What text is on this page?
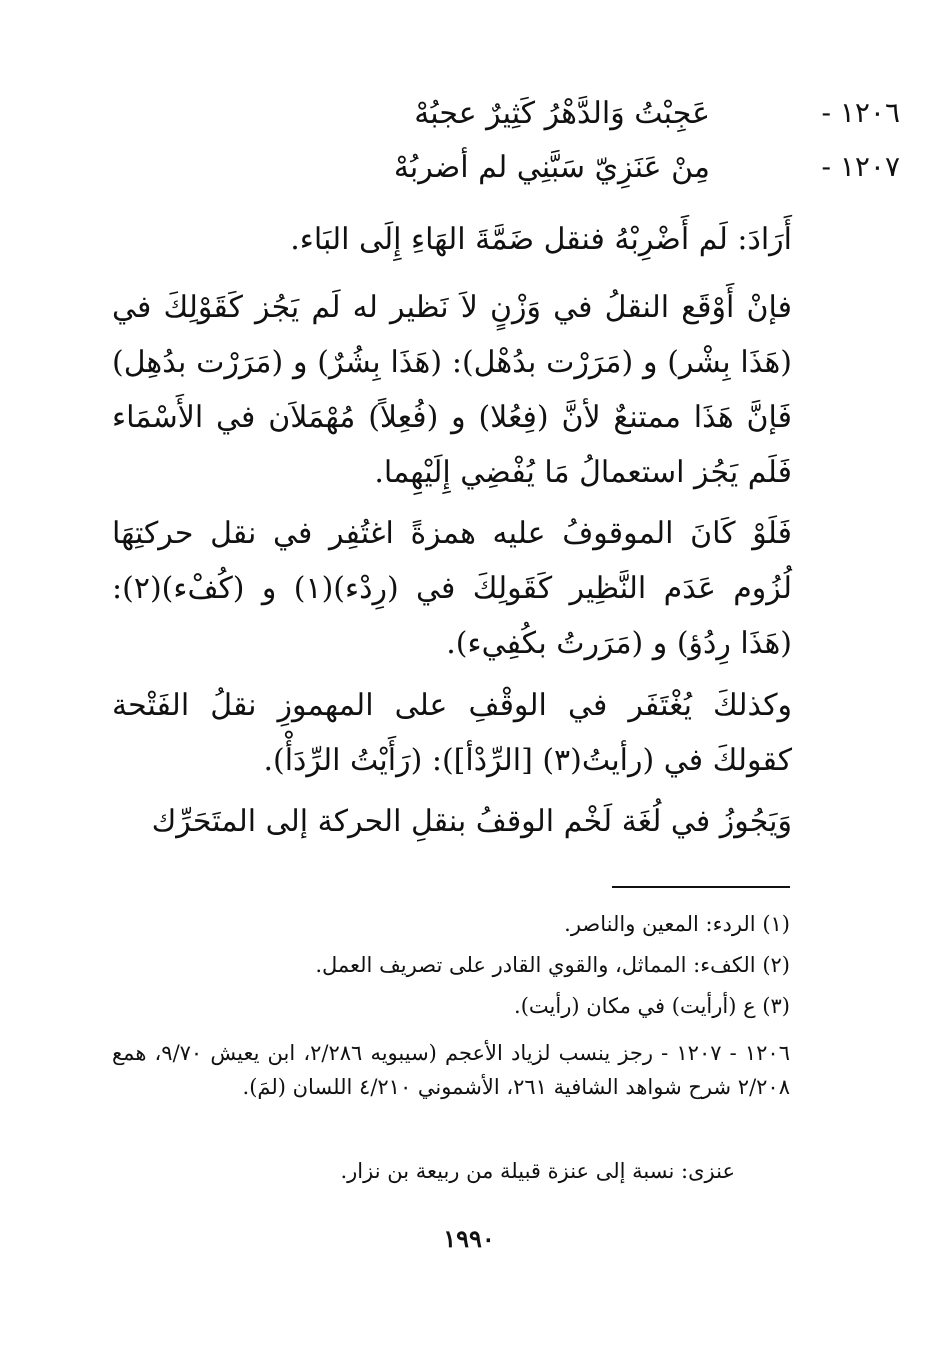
١٢٠٦ -
عَجِبْتُ وَالدَّهْرُ كَثِيرٌ عجبُهْ
١٢٠٧ -
مِنْ عَنَزِيّ سَبَّنِي لم أضربُهْ
أَرَادَ: لَم أَضْرِبْهُ فنقل ضَمَّةَ الهَاءِ إِلَى البَاء.
فإنْ أَوْقَع النقلُ في وَزْنٍ لاَ نَظير له لَم يَجُز كَقَوْلِكَ في (هَذَا بِشْر) و (مَرَرْت بدُهْل): (هَذَا بِشُرٌ) و (مَرَرْت بدُهِل) فَإنَّ هَذَا ممتنعٌ لأنَّ (فِعُلا) و (فُعِلاً) مُهْمَلاَن في الأَسْمَاء فَلَم يَجُز استعمالُ مَا يُفْضِي إِلَيْهِما.
فَلَوْ كَانَ الموقوفُ عليه همزةً اغتُفِر في نقل حركتِهَا لُزُوم عَدَم النَّظِير كَقَولِكَ في (رِدْء)(١) و (كُفْء)(٢): (هَذَا رِدُؤ) و (مَرَرتُ بكُفِيء).
وكذلكَ يُغْتَفَر في الوقْفِ على المهموزِ نقلُ الفَتْحة كقولكَ في (رأيتُ(٣) [الرِّدْأ]): (رَأَيْتُ الرِّدَأْ).
وَيَجُوزُ في لُغَة لَخْم الوقفُ بنقلِ الحركة إلى المتَحَرِّك
(١) الردء: المعين والناصر.
(٢) الكفء: المماثل، والقوي القادر على تصريف العمل.
(٣) ع (أرأيت) في مكان (رأيت).
١٢٠٦ - ١٢٠٧ - رجز ينسب لزياد الأعجم (سيبويه ٢/٢٨٦، ابن يعيش ٩/٧٠، همع ٢/٢٠٨ شرح شواهد الشافية ٢٦١، الأشموني ٤/٢١٠ اللسان (لمَ).
عنزى: نسبة إلى عنزة قبيلة من ربيعة بن نزار.
١٩٩٠
